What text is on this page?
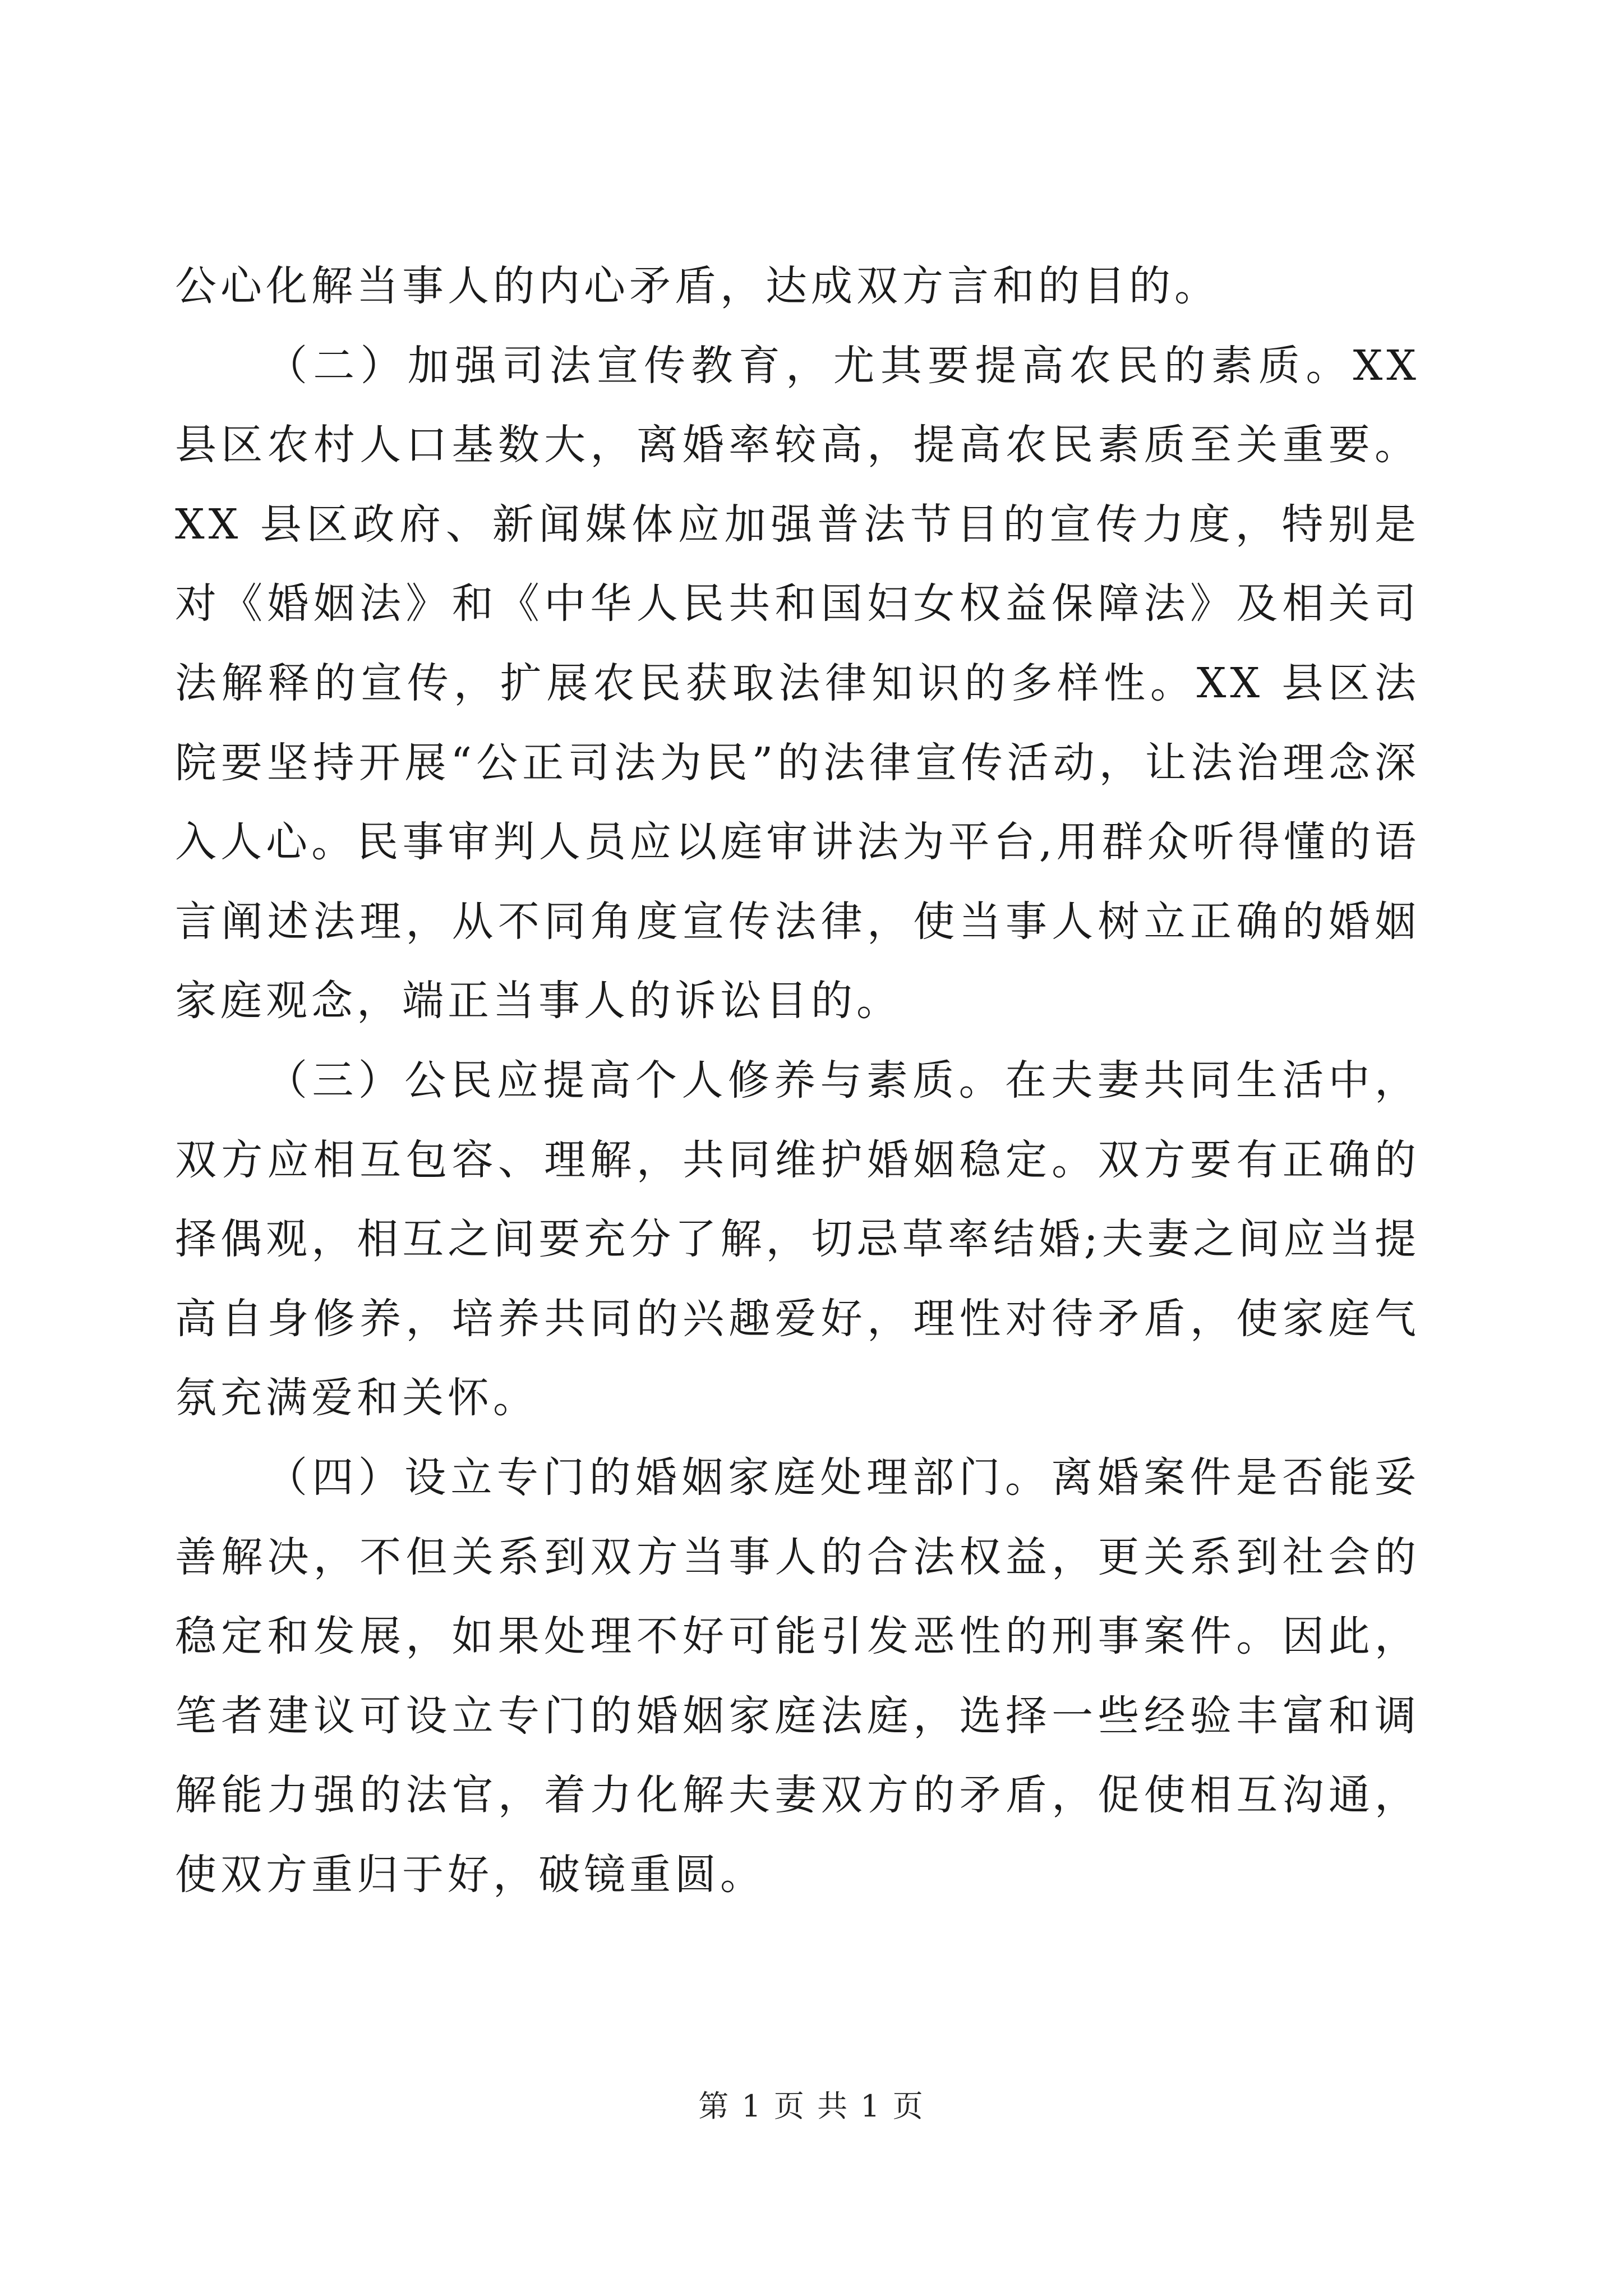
公心化解当事人的内心矛盾，达成双方言和的目的。

（二）加强司法宣传教育，尤其要提高农民的素质。XX 县区农村人口基数大，离婚率较高，提高农民素质至关重要。XX 县区政府、新闻媒体应加强普法节目的宣传力度，特别是对《婚姻法》和《中华人民共和国妇女权益保障法》及相关司法解释的宣传，扩展农民获取法律知识的多样性。XX 县区法院要坚持开展“公正司法为民”的法律宣传活动，让法治理念深入人心。民事审判人员应以庭审讲法为平台,用群众听得懂的语言阐述法理，从不同角度宣传法律，使当事人树立正确的婚姻家庭观念，端正当事人的诉讼目的。

（三）公民应提高个人修养与素质。在夫妻共同生活中，双方应相互包容、理解，共同维护婚姻稳定。双方要有正确的择偶观，相互之间要充分了解，切忌草率结婚;夫妻之间应当提高自身修养，培养共同的兴趣爱好，理性对待矛盾，使家庭气氛充满爱和关怀。

（四）设立专门的婚姻家庭处理部门。离婚案件是否能妥善解决，不但关系到双方当事人的合法权益，更关系到社会的稳定和发展，如果处理不好可能引发恶性的刑事案件。因此，笔者建议可设立专门的婚姻家庭法庭，选择一些经验丰富和调解能力强的法官，着力化解夫妻双方的矛盾，促使相互沟通，使双方重归于好，破镜重圆。

第 1 页 共 1 页
